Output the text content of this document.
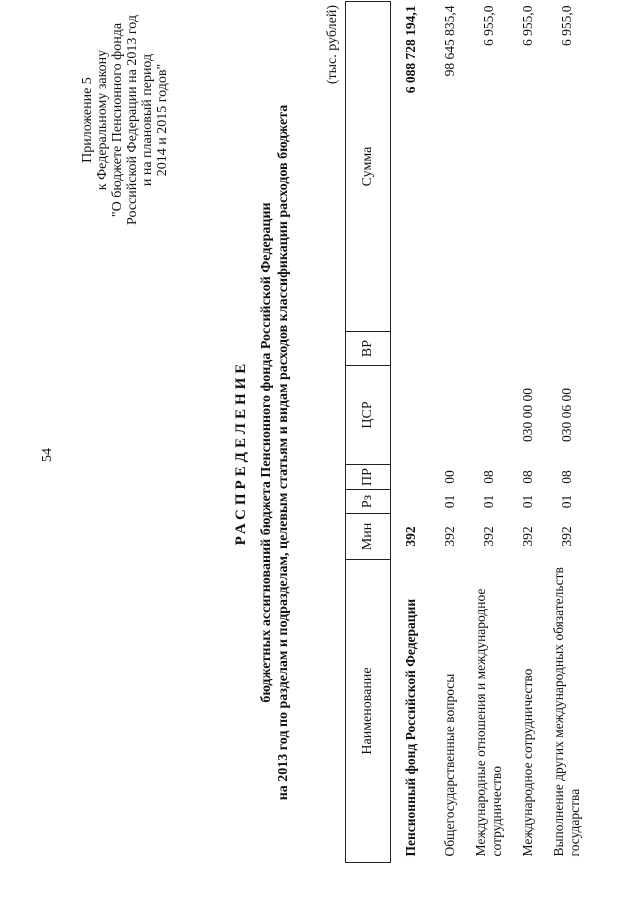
54
Приложение 5 к Федеральному закону "О бюджете Пенсионного фонда Российской Федерации на 2013 год и на плановый период 2014 и 2015 годов"
РАСПРЕДЕЛЕНИЕ бюджетных ассигнований бюджета Пенсионного фонда Российской Федерации на 2013 год по разделам и подразделам, целевым статьям и видам расходов классификации расходов бюджета
(тыс. рублей)
Наименование	Мин	Рз	ПР	ЦСР	ВР	Сумма
Пенсионный фонд Российской Федерации	392					6 088 728 194,1
Общегосударственные вопросы	392	01	00			98 645 835,4
Международные отношения и международное сотрудничество	392	01	08			6 955,0
Международное сотрудничество	392	01	08	030 00 00		6 955,0
Выполнение других международных обязательств государства	392	01	08	030 06 00		6 955,0
